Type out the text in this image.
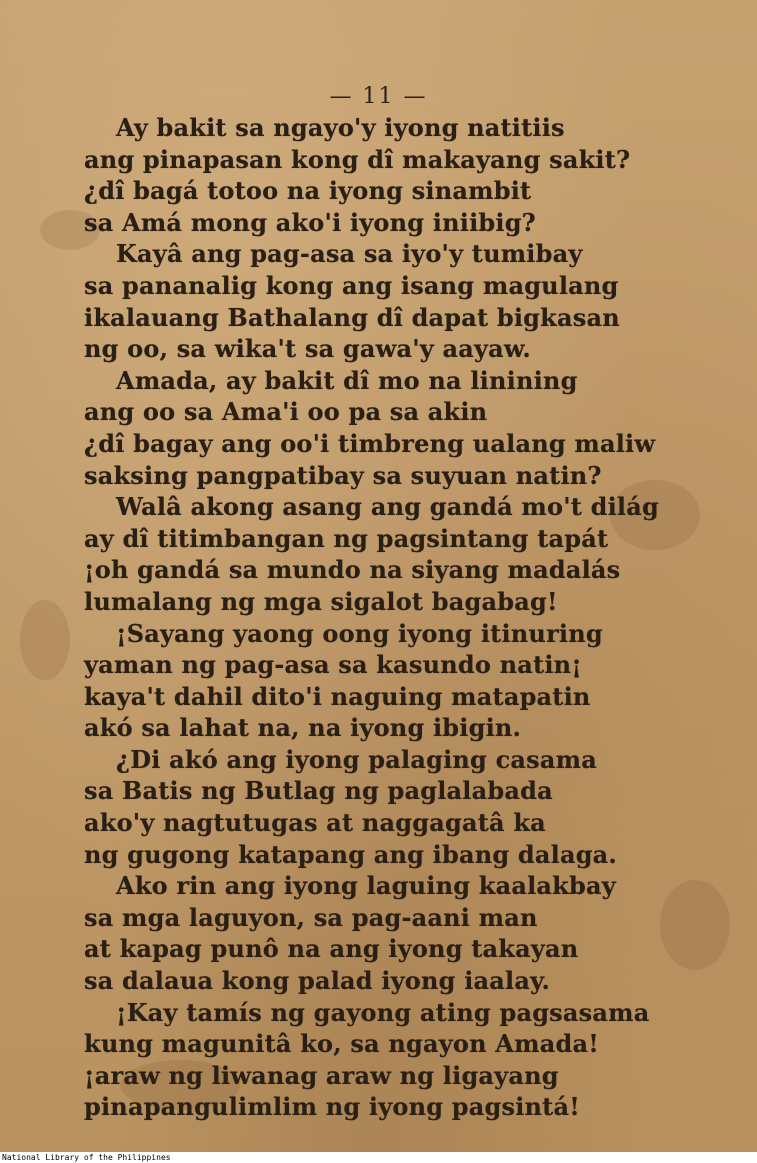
— 11 —
Ay bakit sa ngayo'y iyong natitiis
ang pinapasan kong dî makayang sakit?
¿dî bagá totoo na iyong sinambit
sa Amá mong ako'i iyong iniibig?
Kayâ ang pag-asa sa iyo'y tumibay
sa pananalig kong ang isang magulang
ikalauang Bathalang dî dapat bigkasan
ng oo, sa wika't sa gawa'y aayaw.
Amada, ay bakit dî mo na linining
ang oo sa Ama'i oo pa sa akin
¿dî bagay ang oo'i timbreng ualang maliw
saksing pangpatibay sa suyuan natin?
Walâ akong asang ang gandá mo't dilág
ay dî titimbangan ng pagsintang tapát
¡oh gandá sa mundo na siyang madalás
lumalang ng mga sigalot bagabag!
¡Sayang yaong oong iyong itinuring
yaman ng pag-asa sa kasundo natin¡
kaya't dahil dito'i naguing matapatin
akó sa lahat na, na iyong ibigin.
¿Di akó ang iyong palaging casama
sa Batis ng Butlag ng paglalabada
ako'y nagtutugas at naggagatâ ka
ng gugong katapang ang ibang dalaga.
Ako rin ang iyong laguing kaalakbay
sa mga laguyon, sa pag-aani man
at kapag punô na ang iyong takayan
sa dalaua kong palad iyong iaalay.
¡Kay tamís ng gayong ating pagsasama
kung magunitâ ko, sa ngayon Amada!
¡araw ng liwanag araw ng ligayang
pinapangulimlim ng iyong pagsintá!
National Library of the Philippines
